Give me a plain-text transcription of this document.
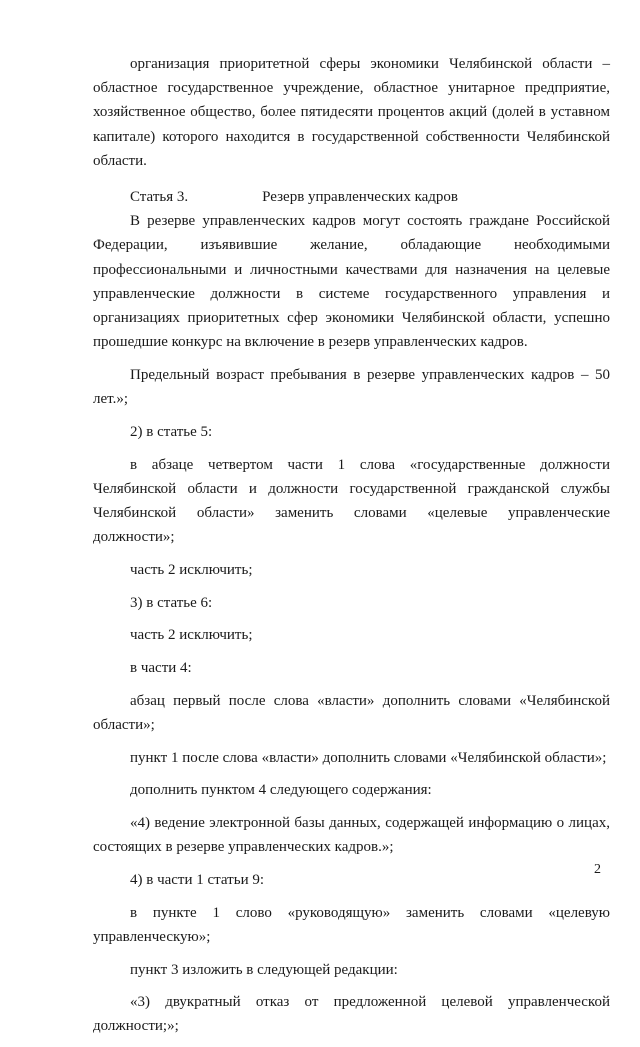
организация приоритетной сферы экономики Челябинской области – областное государственное учреждение, областное унитарное предприятие, хозяйственное общество, более пятидесяти процентов акций (долей в уставном капитале) которого находится в государственной собственности Челябинской области.

Статья 3.	Резерв управленческих кадров

В резерве управленческих кадров могут состоять граждане Российской Федерации, изъявившие желание, обладающие необходимыми профессиональными и личностными качествами для назначения на целевые управленческие должности в системе государственного управления и организациях приоритетных сфер экономики Челябинской области, успешно прошедшие конкурс на включение в резерв управленческих кадров.

Предельный возраст пребывания в резерве управленческих кадров – 50 лет.»;

2) в статье 5:

в абзаце четвертом части 1 слова «государственные должности Челябинской области и должности государственной гражданской службы Челябинской области» заменить словами «целевые управленческие должности»;

часть 2 исключить;

3) в статье 6:

часть 2 исключить;

в части 4:

абзац первый после слова «власти» дополнить словами «Челябинской области»;

пункт 1 после слова «власти» дополнить словами «Челябинской области»;

дополнить пунктом 4 следующего содержания:

«4) ведение электронной базы данных, содержащей информацию о лицах, состоящих в резерве управленческих кадров.»;

4) в части 1 статьи 9:

в пункте 1 слово «руководящую» заменить словами «целевую управленческую»;

пункт 3 изложить в следующей редакции:

«3) двукратный отказ от предложенной целевой управленческой должности;»;

2
